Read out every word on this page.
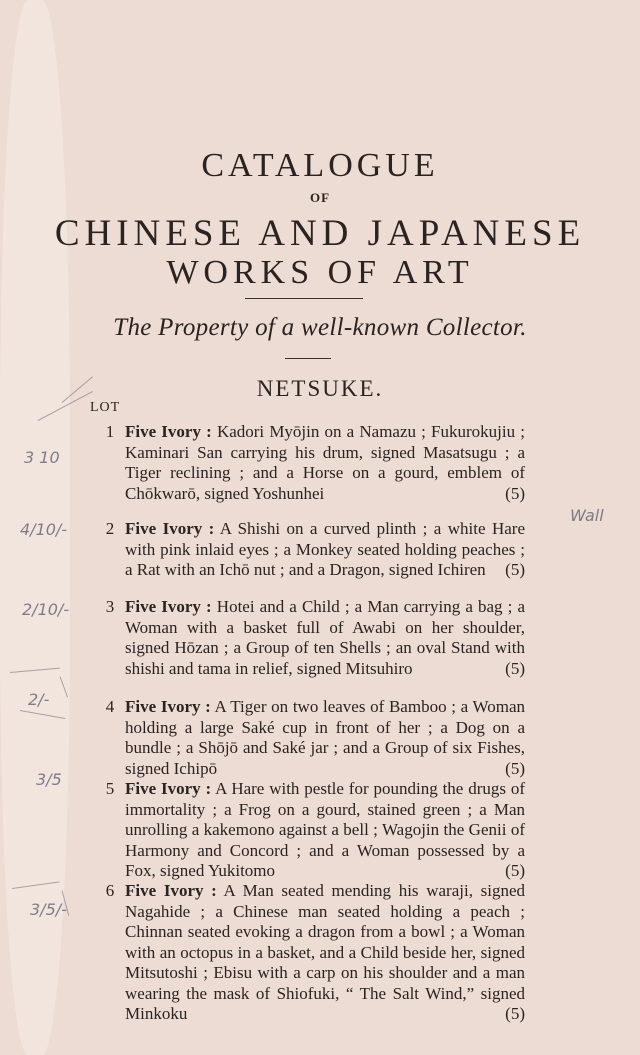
CATALOGUE
OF
CHINESE AND JAPANESE
WORKS OF ART
The Property of a well-known Collector.
NETSUKE.
LOT
1 Five Ivory : Kadori Myōjin on a Namazu ; Fukurokujiu ; Kaminari San carrying his drum, signed Masatsugu ; a Tiger reclining ; and a Horse on a gourd, emblem of Chōkwarō, signed Yoshunhei	(5)
2 Five Ivory : A Shishi on a curved plinth ; a white Hare with pink inlaid eyes ; a Monkey seated holding peaches ; a Rat with an Ichō nut ; and a Dragon, signed Ichiren (5)
3 Five Ivory : Hotei and a Child ; a Man carrying a bag ; a Woman with a basket full of Awabi on her shoulder, signed Hōzan ; a Group of ten Shells ; an oval Stand with shishi and tama in relief, signed Mitsuhiro	(5)
4 Five Ivory : A Tiger on two leaves of Bamboo ; a Woman holding a large Saké cup in front of her ; a Dog on a bundle ; a Shōjō and Saké jar ; and a Group of six Fishes, signed Ichipō	(5)
5 Five Ivory : A Hare with pestle for pounding the drugs of immortality ; a Frog on a gourd, stained green ; a Man unrolling a kakemono against a bell ; Wagojin the Genii of Harmony and Concord ; and a Woman possessed by a Fox, signed Yukitomo	(5)
6 Five Ivory : A Man seated mending his waraji, signed Nagahide ; a Chinese man seated holding a peach ; Chinnan seated evoking a dragon from a bowl ; a Woman with an octopus in a basket, and a Child beside her, signed Mitsutoshi ; Ebisu with a carp on his shoulder and a man wearing the mask of Shiofuki, “ The Salt Wind,” signed Minkoku	(5)
3 10
4/10/-
2/10/-
2/-
3/5
3/5/-
Wall
